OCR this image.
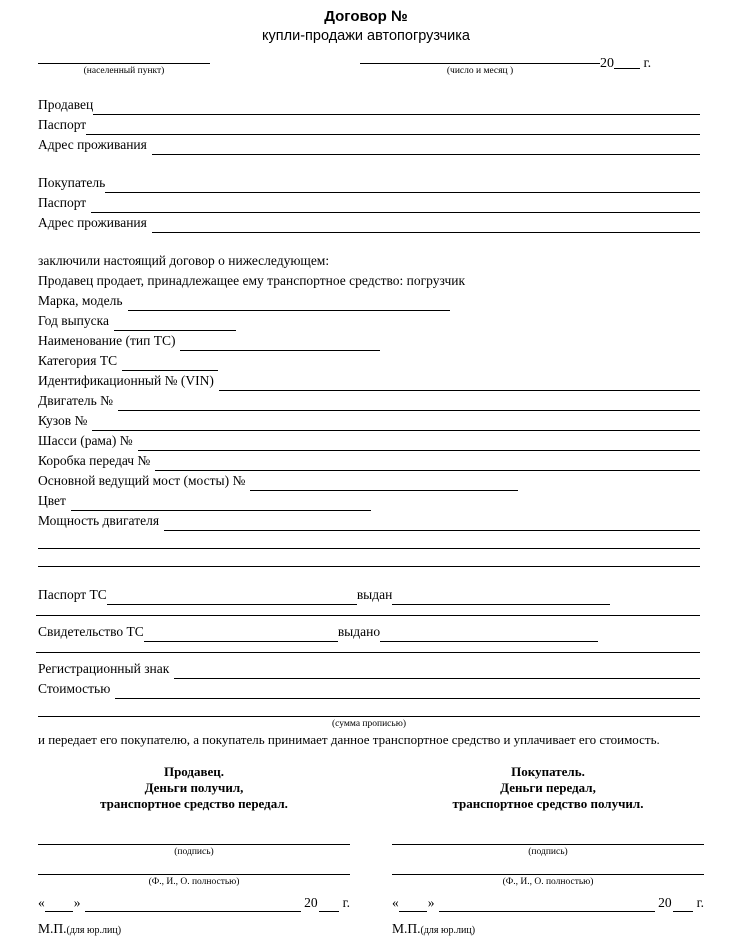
Договор №
купли-продажи автопогрузчика
(населенный пункт)	(число и месяц )	20 г.
Продавец
Паспорт
Адрес проживания
Покупатель
Паспорт
Адрес проживания
заключили настоящий договор о нижеследующем:
Продавец продает, принадлежащее ему транспортное средство: погрузчик
Марка, модель
Год выпуска
Наименование (тип ТС)
Категория ТС
Идентификационный № (VIN)
Двигатель №
Кузов №
Шасси (рама) №
Коробка передач №
Основной ведущий мост (мосты) №
Цвет
Мощность двигателя
Паспорт ТС	выдан
Свидетельство ТС	выдано
Регистрационный знак
Стоимостью
(сумма прописью)
и передает его покупателю, а покупатель принимает данное транспортное средство и уплачивает его стоимость.
Продавец.
Деньги получил,
транспортное средство передал.
(подпись)
(Ф., И., О. полностью)
« »	20 г.
М.П.(для юр.лиц)
Покупатель.
Деньги передал,
транспортное средство получил.
(подпись)
(Ф., И., О. полностью)
« »	20 г.
М.П.(для юр.лиц)
